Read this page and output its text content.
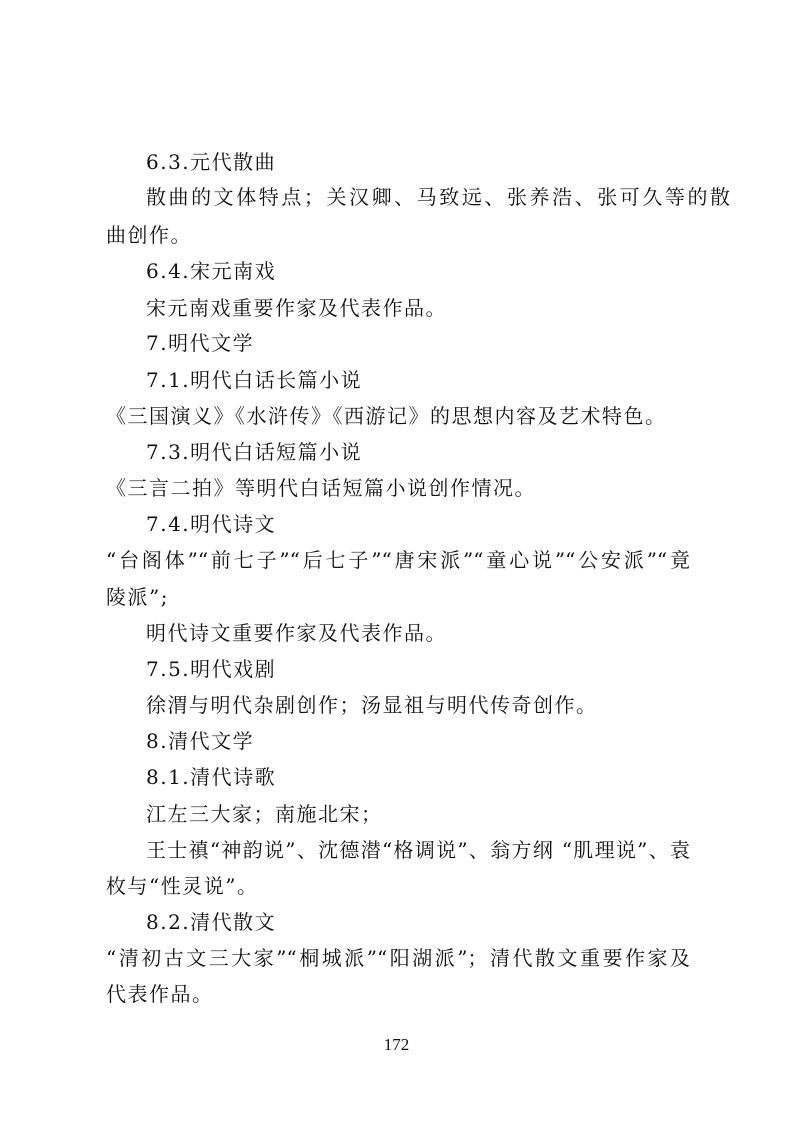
6.3.元代散曲
散曲的文体特点；关汉卿、马致远、张养浩、张可久等的散
曲创作。
6.4.宋元南戏
宋元南戏重要作家及代表作品。
7.明代文学
7.1.明代白话长篇小说
《三国演义》《水浒传》《西游记》的思想内容及艺术特色。
7.3.明代白话短篇小说
《三言二拍》等明代白话短篇小说创作情况。
7.4.明代诗文
“台阁体”“前七子”“后七子”“唐宋派”“童心说”“公安派”“竟
陵派”;
明代诗文重要作家及代表作品。
7.5.明代戏剧
徐渭与明代杂剧创作；汤显祖与明代传奇创作。
8.清代文学
8.1.清代诗歌
江左三大家；南施北宋；
王士禛“神韵说”、沈德潜“格调说”、翁方纲 “肌理说”、袁
枚与“性灵说”。
8.2.清代散文
“清初古文三大家”“桐城派”“阳湖派”；清代散文重要作家及
代表作品。
172
